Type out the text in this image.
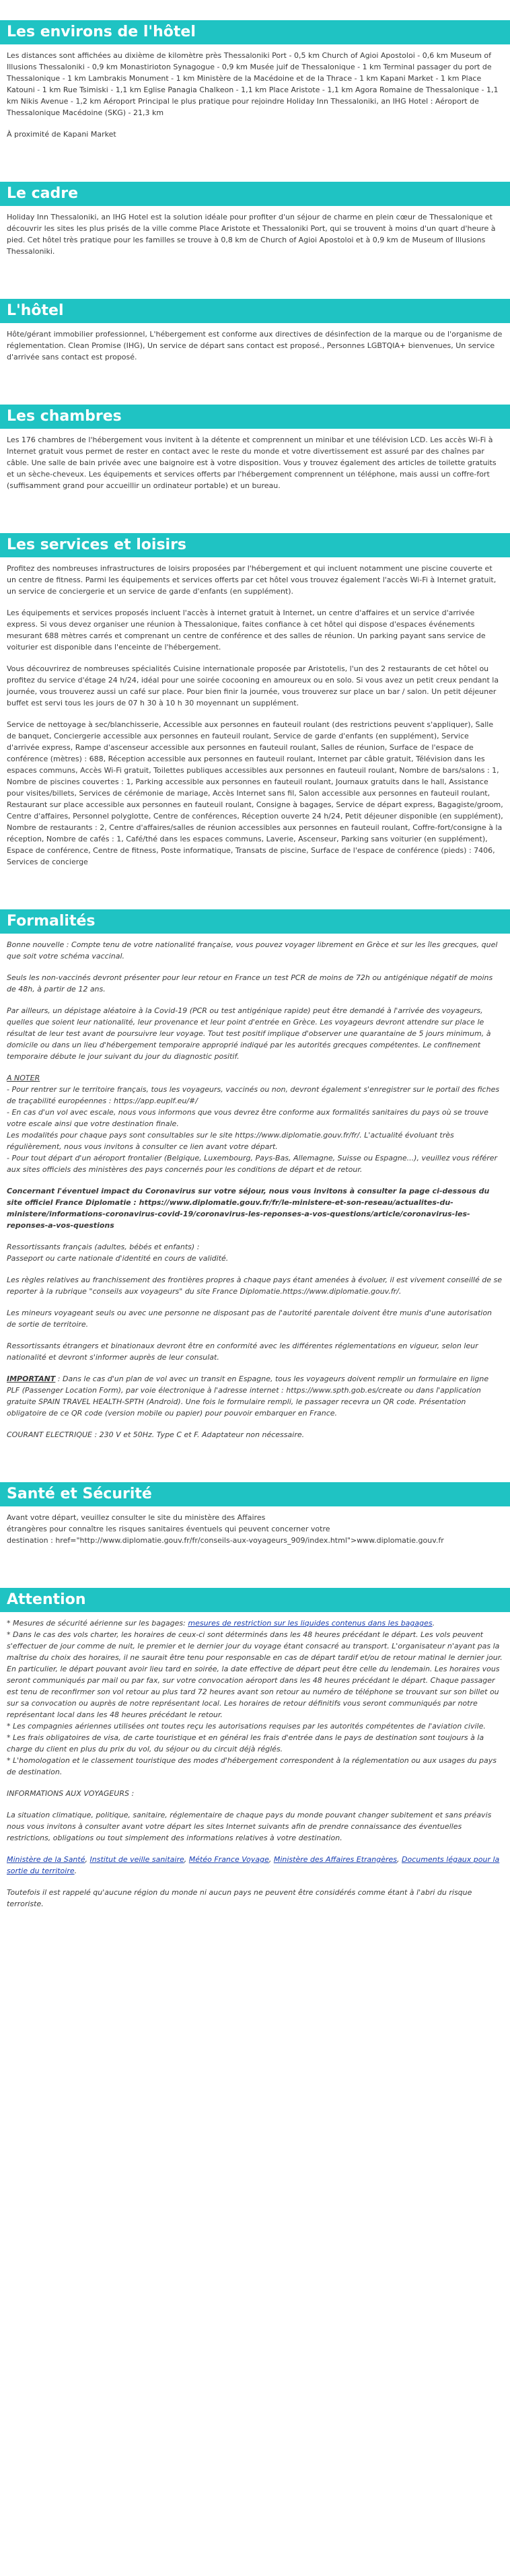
Les environs de l'hôtel

Les distances sont affichées au dixième de kilomètre près Thessaloniki Port - 0,5 km Church of Agioi Apostoloi - 0,6 km Museum of Illusions Thessaloniki - 0,9 km Monastirioton Synagogue - 0,9 km Musée juif de Thessalonique - 1 km Terminal passager du port de Thessalonique - 1 km Lambrakis Monument - 1 km Ministère de la Macédoine et de la Thrace - 1 km Kapani Market - 1 km Place Katouni - 1 km Rue Tsimiski - 1,1 km Eglise Panagia Chalkeon - 1,1 km Place Aristote - 1,1 km Agora Romaine de Thessalonique - 1,1 km Nikis Avenue - 1,2 km Aéroport Principal le plus pratique pour rejoindre Holiday Inn Thessaloniki, an IHG Hotel : Aéroport de Thessalonique Macédoine (SKG) - 21,3 km

À proximité de Kapani Market

Le cadre

Holiday Inn Thessaloniki, an IHG Hotel est la solution idéale pour profiter d'un séjour de charme en plein cœur de Thessalonique et découvrir les sites les plus prisés de la ville comme Place Aristote et Thessaloniki Port, qui se trouvent à moins d'un quart d'heure à pied. Cet hôtel très pratique pour les familles se trouve à 0,8 km de Church of Agioi Apostoloi et à 0,9 km de Museum of Illusions Thessaloniki.

L'hôtel

Hôte/gérant immobilier professionnel, L'hébergement est conforme aux directives de désinfection de la marque ou de l'organisme de réglementation. Clean Promise (IHG), Un service de départ sans contact est proposé., Personnes LGBTQIA+ bienvenues, Un service d'arrivée sans contact est proposé.

Les chambres

Les 176 chambres de l'hébergement vous invitent à la détente et comprennent un minibar et une télévision LCD. Les accès Wi-Fi à Internet gratuit vous permet de rester en contact avec le reste du monde et votre divertissement est assuré par des chaînes par câble. Une salle de bain privée avec une baignoire est à votre disposition. Vous y trouvez également des articles de toilette gratuits et un sèche-cheveux. Les équipements et services offerts par l'hébergement comprennent un téléphone, mais aussi un coffre-fort (suffisamment grand pour accueillir un ordinateur portable) et un bureau.

Les services et loisirs

Profitez des nombreuses infrastructures de loisirs proposées par l'hébergement et qui incluent notamment une piscine couverte et un centre de fitness. Parmi les équipements et services offerts par cet hôtel vous trouvez également l'accès Wi-Fi à Internet gratuit, un service de conciergerie et un service de garde d'enfants (en supplément).

Les équipements et services proposés incluent l'accès à internet gratuit à Internet, un centre d'affaires et un service d'arrivée express. Si vous devez organiser une réunion à Thessalonique, faites confiance à cet hôtel qui dispose d'espaces événements mesurant 688 mètres carrés et comprenant un centre de conférence et des salles de réunion. Un parking payant sans service de voiturier est disponible dans l'enceinte de l'hébergement.

Vous découvrirez de nombreuses spécialités Cuisine internationale proposée par Aristotelis, l'un des 2 restaurants de cet hôtel ou profitez du service d'étage 24 h/24, idéal pour une soirée cocooning en amoureux ou en solo. Si vous avez un petit creux pendant la journée, vous trouverez aussi un café sur place. Pour bien finir la journée, vous trouverez sur place un bar / salon. Un petit déjeuner buffet est servi tous les jours de 07 h 30 à 10 h 30 moyennant un supplément.

Service de nettoyage à sec/blanchisserie, Accessible aux personnes en fauteuil roulant (des restrictions peuvent s'appliquer), Salle de banquet, Conciergerie accessible aux personnes en fauteuil roulant, Service de garde d'enfants (en supplément), Service d'arrivée express, Rampe d'ascenseur accessible aux personnes en fauteuil roulant, Salles de réunion, Surface de l'espace de conférence (mètres) : 688, Réception accessible aux personnes en fauteuil roulant, Internet par câble gratuit, Télévision dans les espaces communs, Accès Wi-Fi gratuit, Toilettes publiques accessibles aux personnes en fauteuil roulant, Nombre de bars/salons : 1, Nombre de piscines couvertes : 1, Parking accessible aux personnes en fauteuil roulant, Journaux gratuits dans le hall, Assistance pour visites/billets, Services de cérémonie de mariage, Accès Internet sans fil, Salon accessible aux personnes en fauteuil roulant, Restaurant sur place accessible aux personnes en fauteuil roulant, Consigne à bagages, Service de départ express, Bagagiste/groom, Centre d'affaires, Personnel polyglotte, Centre de conférences, Réception ouverte 24 h/24, Petit déjeuner disponible (en supplément), Nombre de restaurants : 2, Centre d'affaires/salles de réunion accessibles aux personnes en fauteuil roulant, Coffre-fort/consigne à la réception, Nombre de cafés : 1, Café/thé dans les espaces communs, Laverie, Ascenseur, Parking sans voiturier (en supplément), Espace de conférence, Centre de fitness, Poste informatique, Transats de piscine, Surface de l'espace de conférence (pieds) : 7406, Services de concierge

Formalités

Bonne nouvelle : Compte tenu de votre nationalité française, vous pouvez voyager librement en Grèce et sur les îles grecques, quel que soit votre schéma vaccinal.

Seuls les non-vaccinés devront présenter pour leur retour en France un test PCR de moins de 72h ou antigénique négatif de moins de 48h, à partir de 12 ans.

Par ailleurs, un dépistage aléatoire à la Covid-19 (PCR ou test antigénique rapide) peut être demandé à l'arrivée des voyageurs, quelles que soient leur nationalité, leur provenance et leur point d'entrée en Grèce. Les voyageurs devront attendre sur place le résultat de leur test avant de poursuivre leur voyage. Tout test positif implique d'observer une quarantaine de 5 jours minimum, à domicile ou dans un lieu d'hébergement temporaire approprié indiqué par les autorités grecques compétentes. Le confinement temporaire débute le jour suivant du jour du diagnostic positif.

A NOTER
- Pour rentrer sur le territoire français, tous les voyageurs, vaccinés ou non, devront également s'enregistrer sur le portail des fiches de traçabilité européennes : https://app.euplf.eu/#/
- En cas d'un vol avec escale, nous vous informons que vous devrez être conforme aux formalités sanitaires du pays où se trouve votre escale ainsi que votre destination finale.
Les modalités pour chaque pays sont consultables sur le site https://www.diplomatie.gouv.fr/fr/. L'actualité évoluant très régulièrement, nous vous invitons à consulter ce lien avant votre départ.
- Pour tout départ d'un aéroport frontalier (Belgique, Luxembourg, Pays-Bas, Allemagne, Suisse ou Espagne...), veuillez vous référer aux sites officiels des ministères des pays concernés pour les conditions de départ et de retour.

Concernant l'éventuel impact du Coronavirus sur votre séjour, nous vous invitons à consulter la page ci-dessous du site officiel France Diplomatie : https://www.diplomatie.gouv.fr/fr/le-ministere-et-son-reseau/actualites-du-ministere/informations-coronavirus-covid-19/coronavirus-les-reponses-a-vos-questions/article/coronavirus-les-reponses-a-vos-questions

Ressortissants français (adultes, bébés et enfants) :
Passeport ou carte nationale d'identité en cours de validité.

Les règles relatives au franchissement des frontières propres à chaque pays étant amenées à évoluer, il est vivement conseillé de se reporter à la rubrique "conseils aux voyageurs" du site France Diplomatie.https://www.diplomatie.gouv.fr/.

Les mineurs voyageant seuls ou avec une personne ne disposant pas de l'autorité parentale doivent être munis d'une autorisation de sortie de territoire.

Ressortissants étrangers et binationaux devront être en conformité avec les différentes réglementations en vigueur, selon leur nationalité et devront s'informer auprès de leur consulat.

IMPORTANT : Dans le cas d'un plan de vol avec un transit en Espagne, tous les voyageurs doivent remplir un formulaire en ligne PLF (Passenger Location Form), par voie électronique à l'adresse internet : https://www.spth.gob.es/create ou dans l'application gratuite SPAIN TRAVEL HEALTH-SPTH (Android). Une fois le formulaire rempli, le passager recevra un QR code. Présentation obligatoire de ce QR code (version mobile ou papier) pour pouvoir embarquer en France.

COURANT ELECTRIQUE : 230 V et 50Hz. Type C et F. Adaptateur non nécessaire.

Santé et Sécurité

Avant votre départ, veuillez consulter le site du ministère des Affaires
étrangères pour connaître les risques sanitaires éventuels qui peuvent concerner votre
destination : href="http://www.diplomatie.gouv.fr/fr/conseils-aux-voyageurs_909/index.html">www.diplomatie.gouv.fr

Attention

* Mesures de sécurité aérienne sur les bagages: mesures de restriction sur les liquides contenus dans les bagages.
* Dans le cas des vols charter, les horaires de ceux-ci sont déterminés dans les 48 heures précédant le départ. Les vols peuvent s'effectuer de jour comme de nuit, le premier et le dernier jour du voyage étant consacré au transport. L'organisateur n'ayant pas la maîtrise du choix des horaires, il ne saurait être tenu pour responsable en cas de départ tardif et/ou de retour matinal le dernier jour. En particulier, le départ pouvant avoir lieu tard en soirée, la date effective de départ peut être celle du lendemain. Les horaires vous seront communiqués par mail ou par fax, sur votre convocation aéroport dans les 48 heures précédant le départ. Chaque passager est tenu de reconfirmer son vol retour au plus tard 72 heures avant son retour au numéro de téléphone se trouvant sur son billet ou sur sa convocation ou auprès de notre représentant local. Les horaires de retour définitifs vous seront communiqués par notre représentant local dans les 48 heures précédant le retour.
* Les compagnies aériennes utilisées ont toutes reçu les autorisations requises par les autorités compétentes de l'aviation civile.
* Les frais obligatoires de visa, de carte touristique et en général les frais d'entrée dans le pays de destination sont toujours à la charge du client en plus du prix du vol, du séjour ou du circuit déjà réglés.
* L'homologation et le classement touristique des modes d'hébergement correspondent à la réglementation ou aux usages du pays de destination.

INFORMATIONS AUX VOYAGEURS :

La situation climatique, politique, sanitaire, réglementaire de chaque pays du monde pouvant changer subitement et sans préavis nous vous invitons à consulter avant votre départ les sites Internet suivants afin de prendre connaissance des éventuelles restrictions, obligations ou tout simplement des informations relatives à votre destination.

Ministère de la Santé, Institut de veille sanitaire, Météo France Voyage, Ministère des Affaires Etrangères, Documents légaux pour la sortie du territoire.

Toutefois il est rappelé qu'aucune région du monde ni aucun pays ne peuvent être considérés comme étant à l'abri du risque terroriste.
